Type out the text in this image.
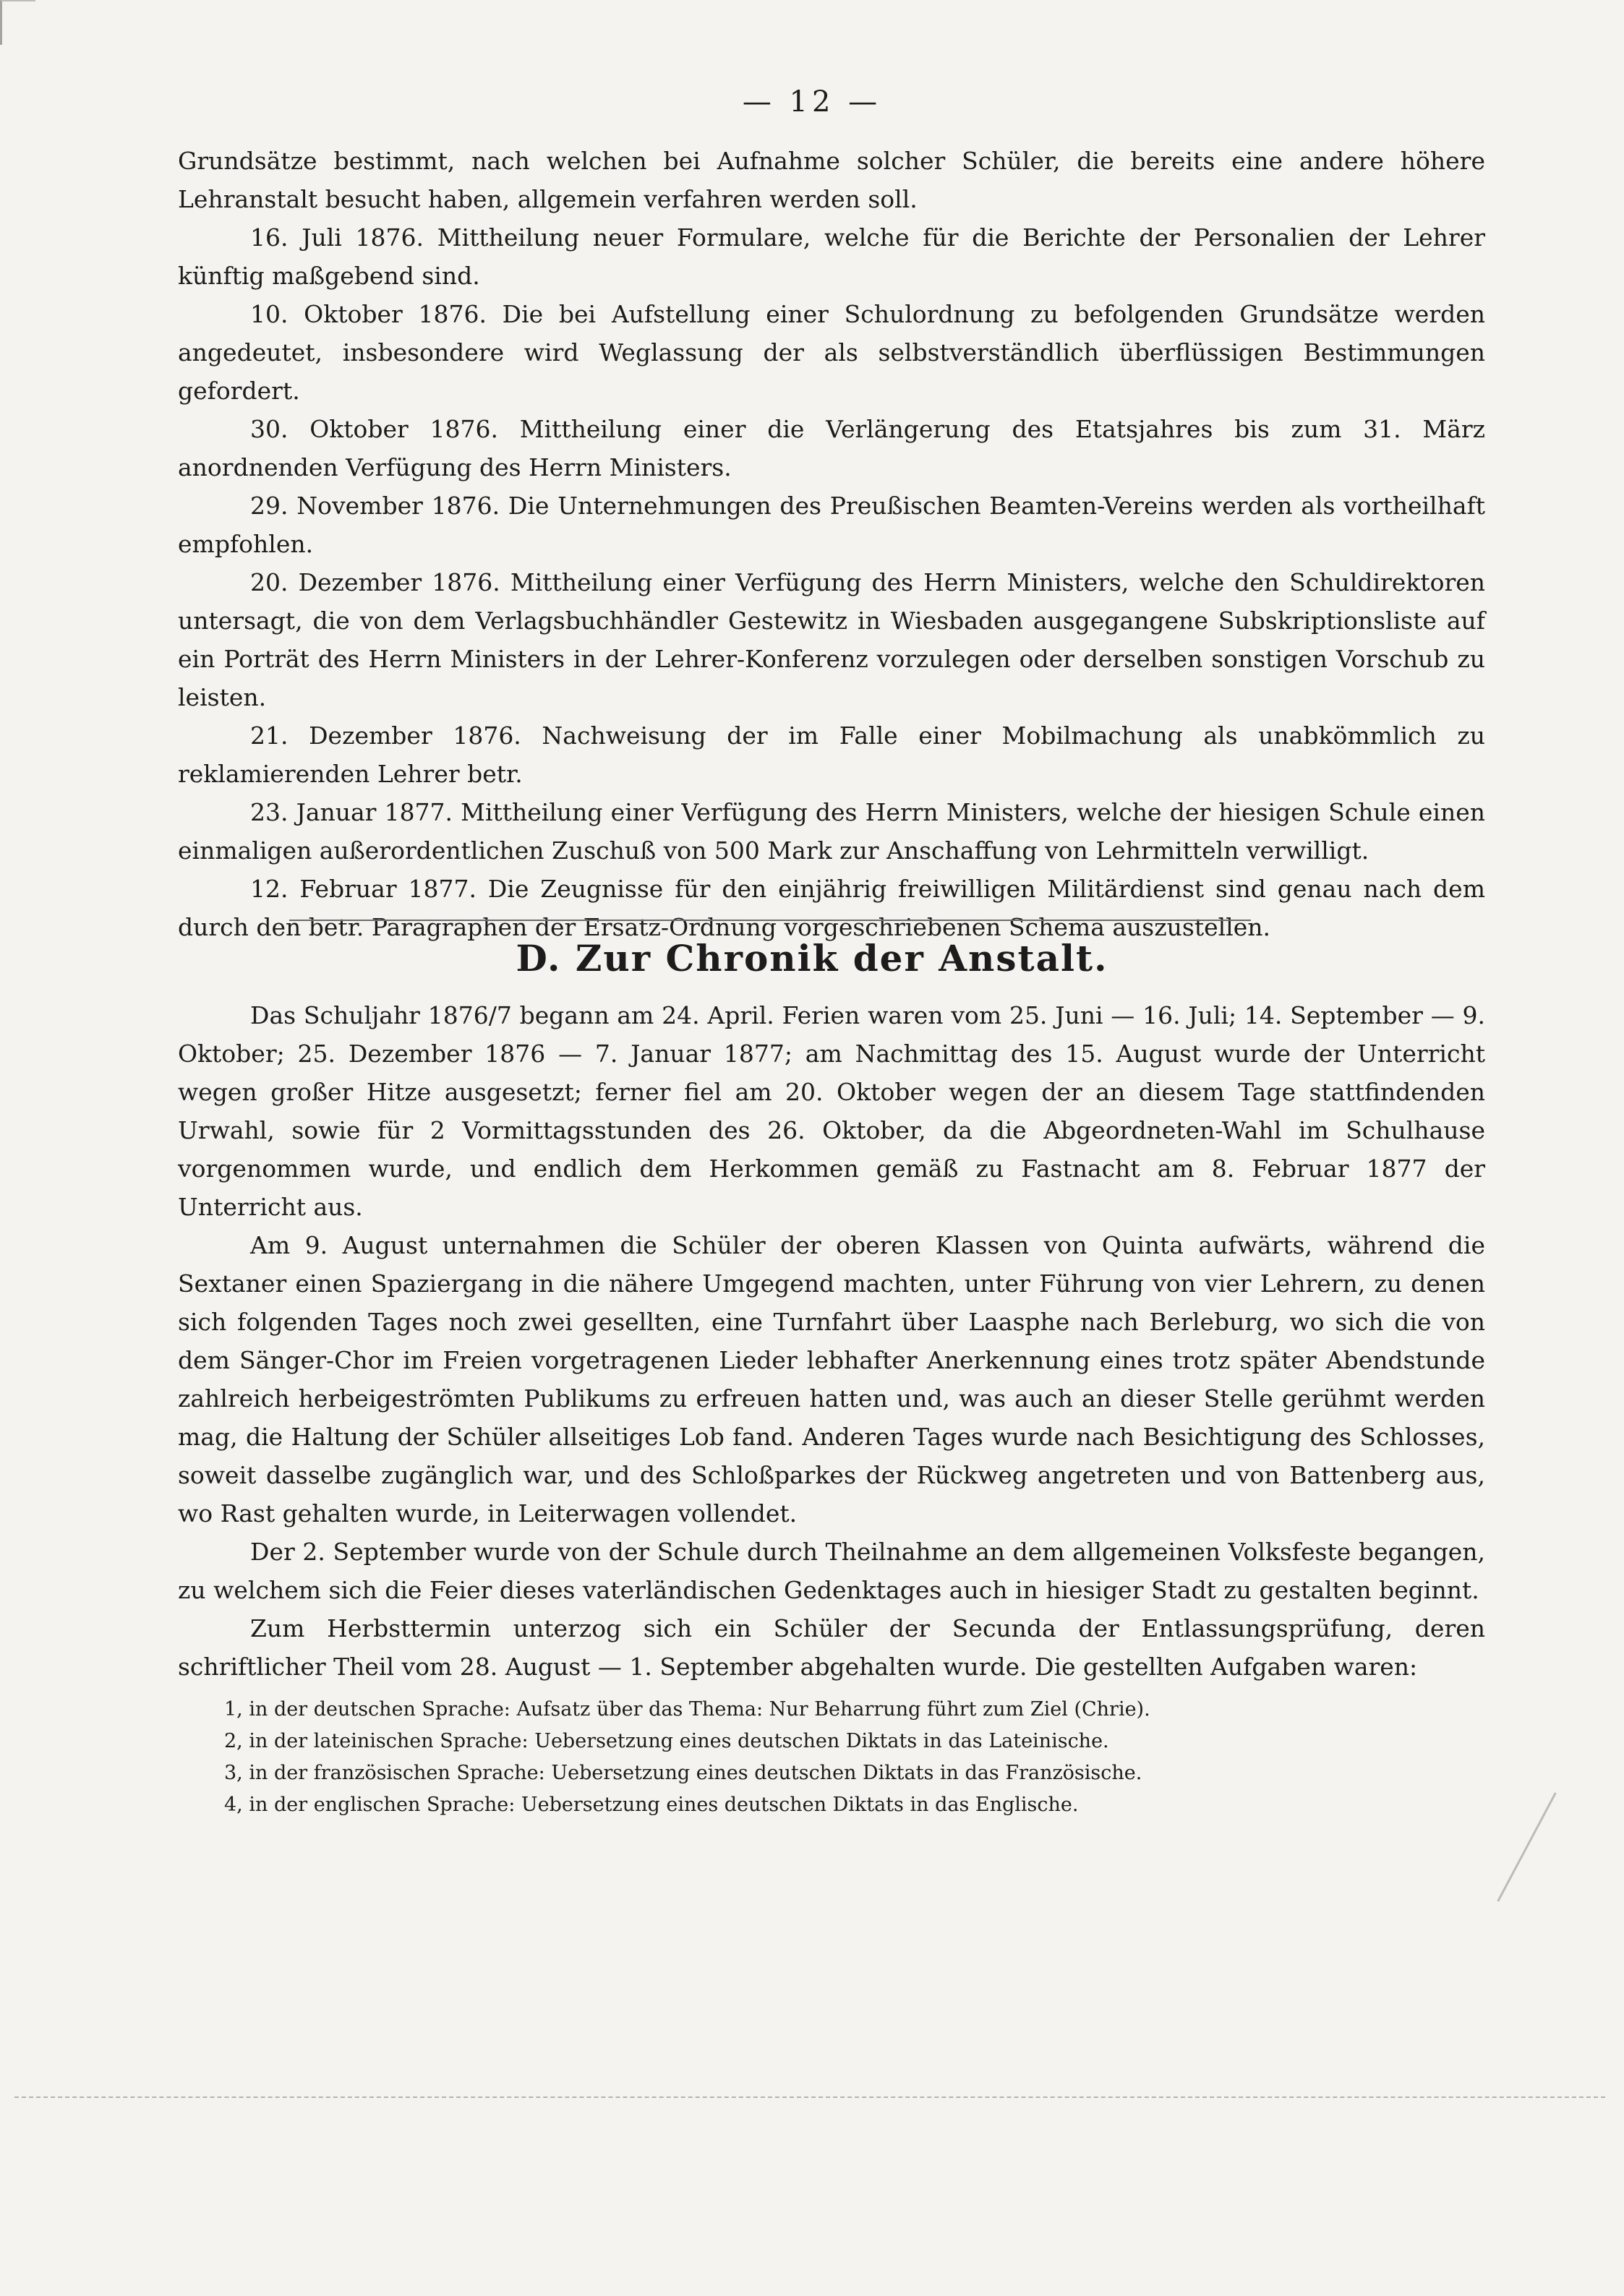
— 12 —

Grundsätze bestimmt, nach welchen bei Aufnahme solcher Schüler, die bereits eine andere höhere Lehranstalt besucht haben, allgemein verfahren werden soll.

16. Juli 1876. Mittheilung neuer Formulare, welche für die Berichte der Personalien der Lehrer künftig maßgebend sind.

10. Oktober 1876. Die bei Aufstellung einer Schulordnung zu befolgenden Grundsätze werden angedeutet, insbesondere wird Weglassung der als selbstverständlich überflüssigen Bestimmungen gefordert.

30. Oktober 1876. Mittheilung einer die Verlängerung des Etatsjahres bis zum 31. März anordnenden Verfügung des Herrn Ministers.

29. November 1876. Die Unternehmungen des Preußischen Beamten-Vereins werden als vortheilhaft empfohlen.

20. Dezember 1876. Mittheilung einer Verfügung des Herrn Ministers, welche den Schuldirektoren untersagt, die von dem Verlagsbuchhändler Gestewitz in Wiesbaden ausgegangene Subskriptionsliste auf ein Porträt des Herrn Ministers in der Lehrer-Konferenz vorzulegen oder derselben sonstigen Vorschub zu leisten.

21. Dezember 1876. Nachweisung der im Falle einer Mobilmachung als unabkömmlich zu reklamierenden Lehrer betr.

23. Januar 1877. Mittheilung einer Verfügung des Herrn Ministers, welche der hiesigen Schule einen einmaligen außerordentlichen Zuschuß von 500 Mark zur Anschaffung von Lehrmitteln verwilligt.

12. Februar 1877. Die Zeugnisse für den einjährig freiwilligen Militärdienst sind genau nach dem durch den betr. Paragraphen der Ersatz-Ordnung vorgeschriebenen Schema auszustellen.

D. Zur Chronik der Anstalt.

Das Schuljahr 1876/7 begann am 24. April. Ferien waren vom 25. Juni — 16. Juli; 14. September — 9. Oktober; 25. Dezember 1876 — 7. Januar 1877; am Nachmittag des 15. August wurde der Unterricht wegen großer Hitze ausgesetzt; ferner fiel am 20. Oktober wegen der an diesem Tage stattfindenden Urwahl, sowie für 2 Vormittagsstunden des 26. Oktober, da die Abgeordneten-Wahl im Schulhause vorgenommen wurde, und endlich dem Herkommen gemäß zu Fastnacht am 8. Februar 1877 der Unterricht aus.

Am 9. August unternahmen die Schüler der oberen Klassen von Quinta aufwärts, während die Sextaner einen Spaziergang in die nähere Umgegend machten, unter Führung von vier Lehrern, zu denen sich folgenden Tages noch zwei gesellten, eine Turnfahrt über Laasphe nach Berleburg, wo sich die von dem Sänger-Chor im Freien vorgetragenen Lieder lebhafter Anerkennung eines trotz später Abendstunde zahlreich herbeigeströmten Publikums zu erfreuen hatten und, was auch an dieser Stelle gerühmt werden mag, die Haltung der Schüler allseitiges Lob fand. Anderen Tages wurde nach Besichtigung des Schlosses, soweit dasselbe zugänglich war, und des Schloßparkes der Rückweg angetreten und von Battenberg aus, wo Rast gehalten wurde, in Leiterwagen vollendet.

Der 2. September wurde von der Schule durch Theilnahme an dem allgemeinen Volksfeste begangen, zu welchem sich die Feier dieses vaterländischen Gedenktages auch in hiesiger Stadt zu gestalten beginnt.

Zum Herbsttermin unterzog sich ein Schüler der Secunda der Entlassungsprüfung, deren schriftlicher Theil vom 28. August — 1. September abgehalten wurde. Die gestellten Aufgaben waren:

1, in der deutschen Sprache: Aufsatz über das Thema: Nur Beharrung führt zum Ziel (Chrie).
2, in der lateinischen Sprache: Uebersetzung eines deutschen Diktats in das Lateinische.
3, in der französischen Sprache: Uebersetzung eines deutschen Diktats in das Französische.
4, in der englischen Sprache: Uebersetzung eines deutschen Diktats in das Englische.
